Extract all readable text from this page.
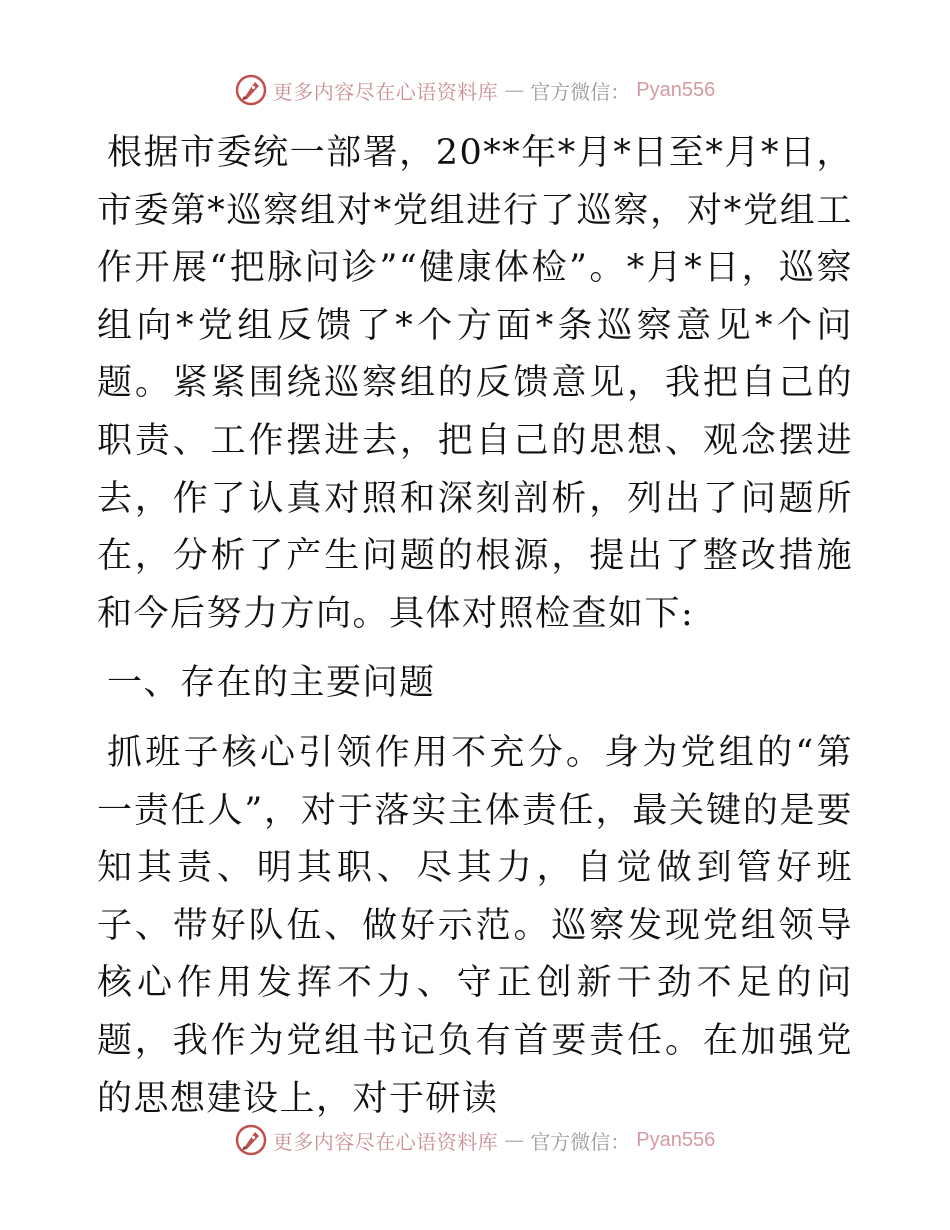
更多内容尽在心语资料库 — 官方微信： Pyan556

根据市委统一部署，20**年*月*日至*月*日，市委第*巡察组对*党组进行了巡察，对*党组工作开展“把脉问诊”“健康体检”。*月*日，巡察组向*党组反馈了*个方面*条巡察意见*个问题。紧紧围绕巡察组的反馈意见，我把自己的职责、工作摆进去，把自己的思想、观念摆进去，作了认真对照和深刻剖析，列出了问题所在，分析了产生问题的根源，提出了整改措施和今后努力方向。具体对照检查如下:

一、存在的主要问题

抓班子核心引领作用不充分。身为党组的“第一责任人”，对于落实主体责任，最关键的是要知其责、明其职、尽其力，自觉做到管好班子、带好队伍、做好示范。巡察发现党组领导核心作用发挥不力、守正创新干劲不足的问题，我作为党组书记负有首要责任。在加强党的思想建设上，对于研读

更多内容尽在心语资料库 — 官方微信： Pyan556
